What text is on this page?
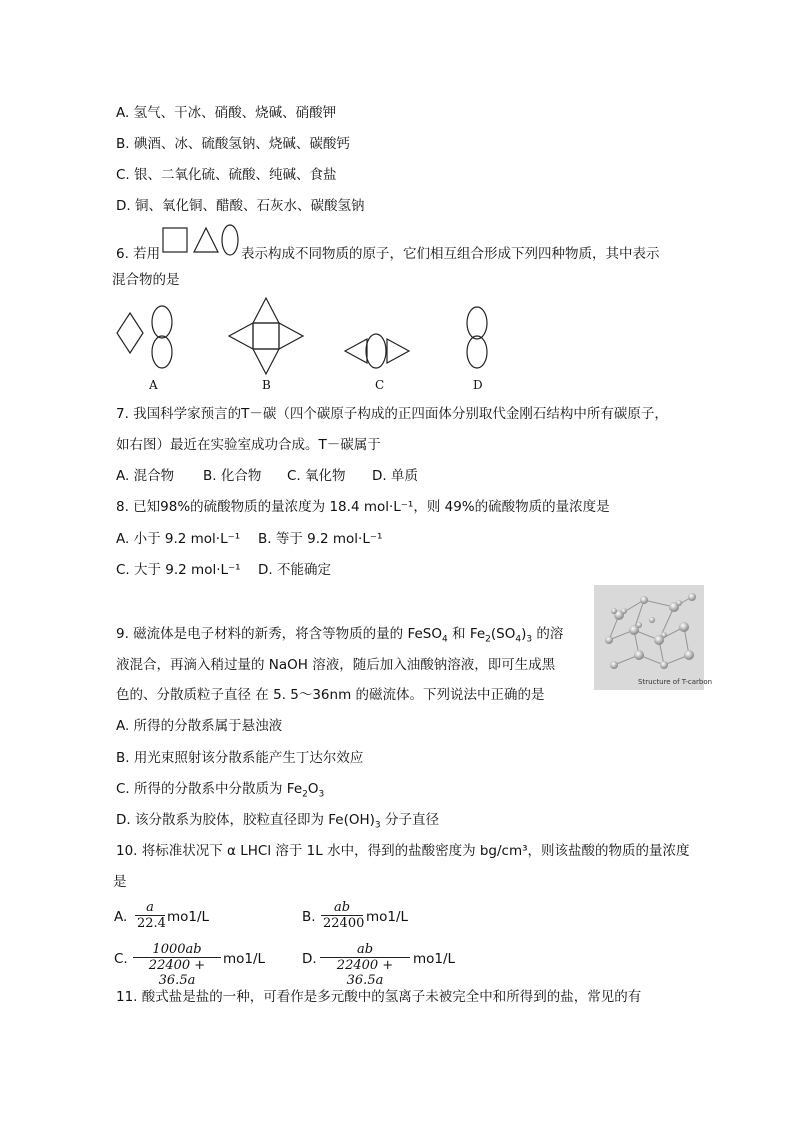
A. 氢气、干冰、硝酸、烧碱、硝酸钾
B. 碘酒、冰、硫酸氢钠、烧碱、碳酸钙
C. 银、二氧化硫、硫酸、纯碱、食盐
D. 铜、氧化铜、醋酸、石灰水、碳酸氢钠
6. 若用	表示构成不同物质的原子，它们相互组合形成下列四种物质，其中表示
混合物的是
A	B	C	D
7. 我国科学家预言的T－碳（四个碳原子构成的正四面体分别取代金刚石结构中所有碳原子，
如右图）最近在实验室成功合成。T－碳属于
A. 混合物 B. 化合物 C. 氧化物 D. 单质
8. 已知98%的硫酸物质的量浓度为 18.4 mol·L⁻¹，则 49%的硫酸物质的量浓度是
A. 小于 9.2 mol·L⁻¹ B. 等于 9.2 mol·L⁻¹
C. 大于 9.2 mol·L⁻¹ D. 不能确定
9. 磁流体是电子材料的新秀，将含等物质的量的 FeSO$_4$ 和 $Fe_2(SO_4)_3$ 的溶
液混合，再滴入稍过量的 NaOH 溶液，随后加入油酸钠溶液，即可生成黑
色的、分散质粒子直径 在 5. 5～36nm 的磁流体。下列说法中正确的是
A. 所得的分散系属于悬浊液
B. 用光束照射该分散系能产生丁达尔效应
C. 所得的分散系中分散质为 $Fe_2O_3$
D. 该分散系为胶体，胶粒直径即为 $Fe(OH)_3$ 分子直径
Structure of T-carbon
10. 将标准状况下 α LHCl 溶于 1L 水中，得到的盐酸密度为 bg/cm³，则该盐酸的物质的量浓度
是
A. $\frac{a}{22.4} mo1/L$	B. $\frac{ab}{22400} mo1/L$
C. $\frac{1000ab}{22400 + 36.5a} mo1/L$	D. $\frac{ab}{22400 + 36.5a} mo1/L$
11. 酸式盐是盐的一种，可看作是多元酸中的氢离子未被完全中和所得到的盐，常见的有
